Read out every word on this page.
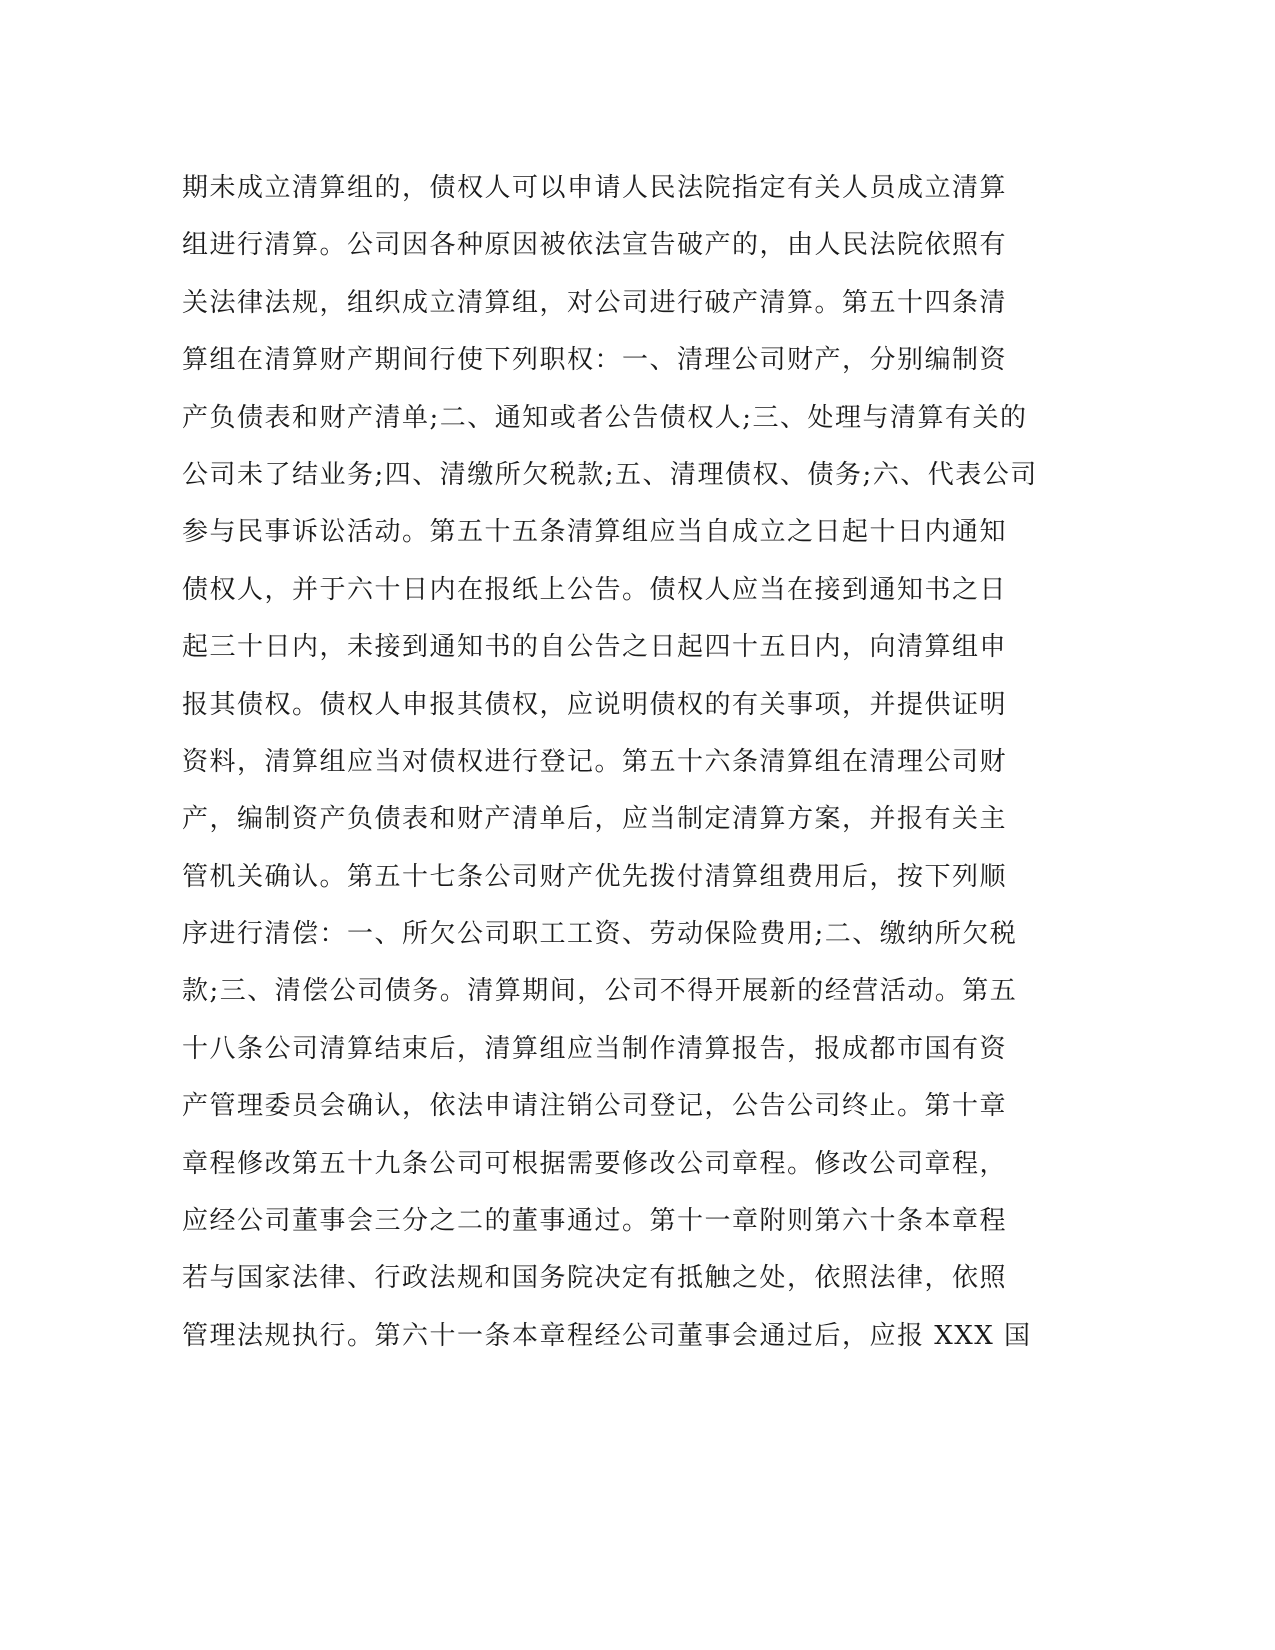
期未成立清算组的，债权人可以申请人民法院指定有关人员成立清算
组进行清算。公司因各种原因被依法宣告破产的，由人民法院依照有
关法律法规，组织成立清算组，对公司进行破产清算。第五十四条清
算组在清算财产期间行使下列职权：一、清理公司财产，分别编制资
产负债表和财产清单;二、通知或者公告债权人;三、处理与清算有关的
公司未了结业务;四、清缴所欠税款;五、清理债权、债务;六、代表公司
参与民事诉讼活动。第五十五条清算组应当自成立之日起十日内通知
债权人，并于六十日内在报纸上公告。债权人应当在接到通知书之日
起三十日内，未接到通知书的自公告之日起四十五日内，向清算组申
报其债权。债权人申报其债权，应说明债权的有关事项，并提供证明
资料，清算组应当对债权进行登记。第五十六条清算组在清理公司财
产，编制资产负债表和财产清单后，应当制定清算方案，并报有关主
管机关确认。第五十七条公司财产优先拨付清算组费用后，按下列顺
序进行清偿：一、所欠公司职工工资、劳动保险费用;二、缴纳所欠税
款;三、清偿公司债务。清算期间，公司不得开展新的经营活动。第五
十八条公司清算结束后，清算组应当制作清算报告，报成都市国有资
产管理委员会确认，依法申请注销公司登记，公告公司终止。第十章
章程修改第五十九条公司可根据需要修改公司章程。修改公司章程，
应经公司董事会三分之二的董事通过。第十一章附则第六十条本章程
若与国家法律、行政法规和国务院决定有抵触之处，依照法律，依照
管理法规执行。第六十一条本章程经公司董事会通过后，应报 XXX 国
